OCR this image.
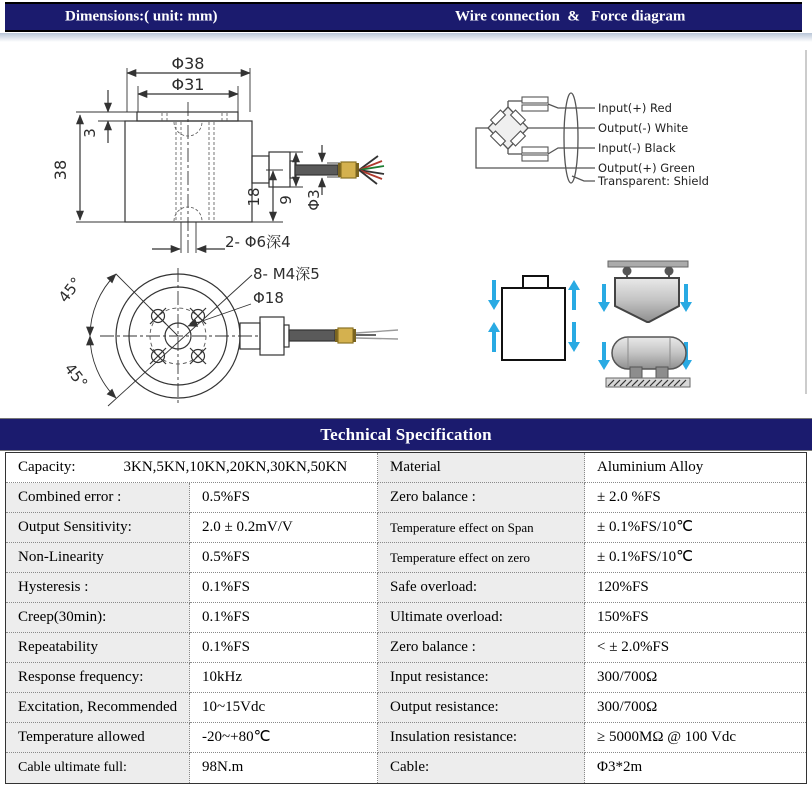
Dimensions:( unit: mm)	Wire connection  &   Force diagram
Φ38
Φ31
38
3
18 9 Φ3
2- Φ6深4
8- M4深5
Φ18
45°
45°
Input(+) Red
Output(-) White
Input(-) Black
Output(+) Green
Transparent: Shield
Technical Specification
Capacity:	3KN,5KN,10KN,20KN,30KN,50KN	Material	Aluminium Alloy
Combined error :	0.5%FS	Zero balance :	± 2.0 %FS
Output Sensitivity:	2.0 ± 0.2mV/V	Temperature effect on Span	± 0.1%FS/10℃
Non-Linearity	0.5%FS	Temperature effect on zero	± 0.1%FS/10℃
Hysteresis :	0.1%FS	Safe overload:	120%FS
Creep(30min):	0.1%FS	Ultimate overload:	150%FS
Repeatability	0.1%FS	Zero balance :	< ± 2.0%FS
Response frequency:	10kHz	Input resistance:	300/700Ω
Excitation, Recommended	10~15Vdc	Output resistance:	300/700Ω
Temperature allowed	-20~+80℃	Insulation resistance:	≥ 5000MΩ @ 100 Vdc
Cable ultimate full:	98N.m	Cable:	Φ3*2m
